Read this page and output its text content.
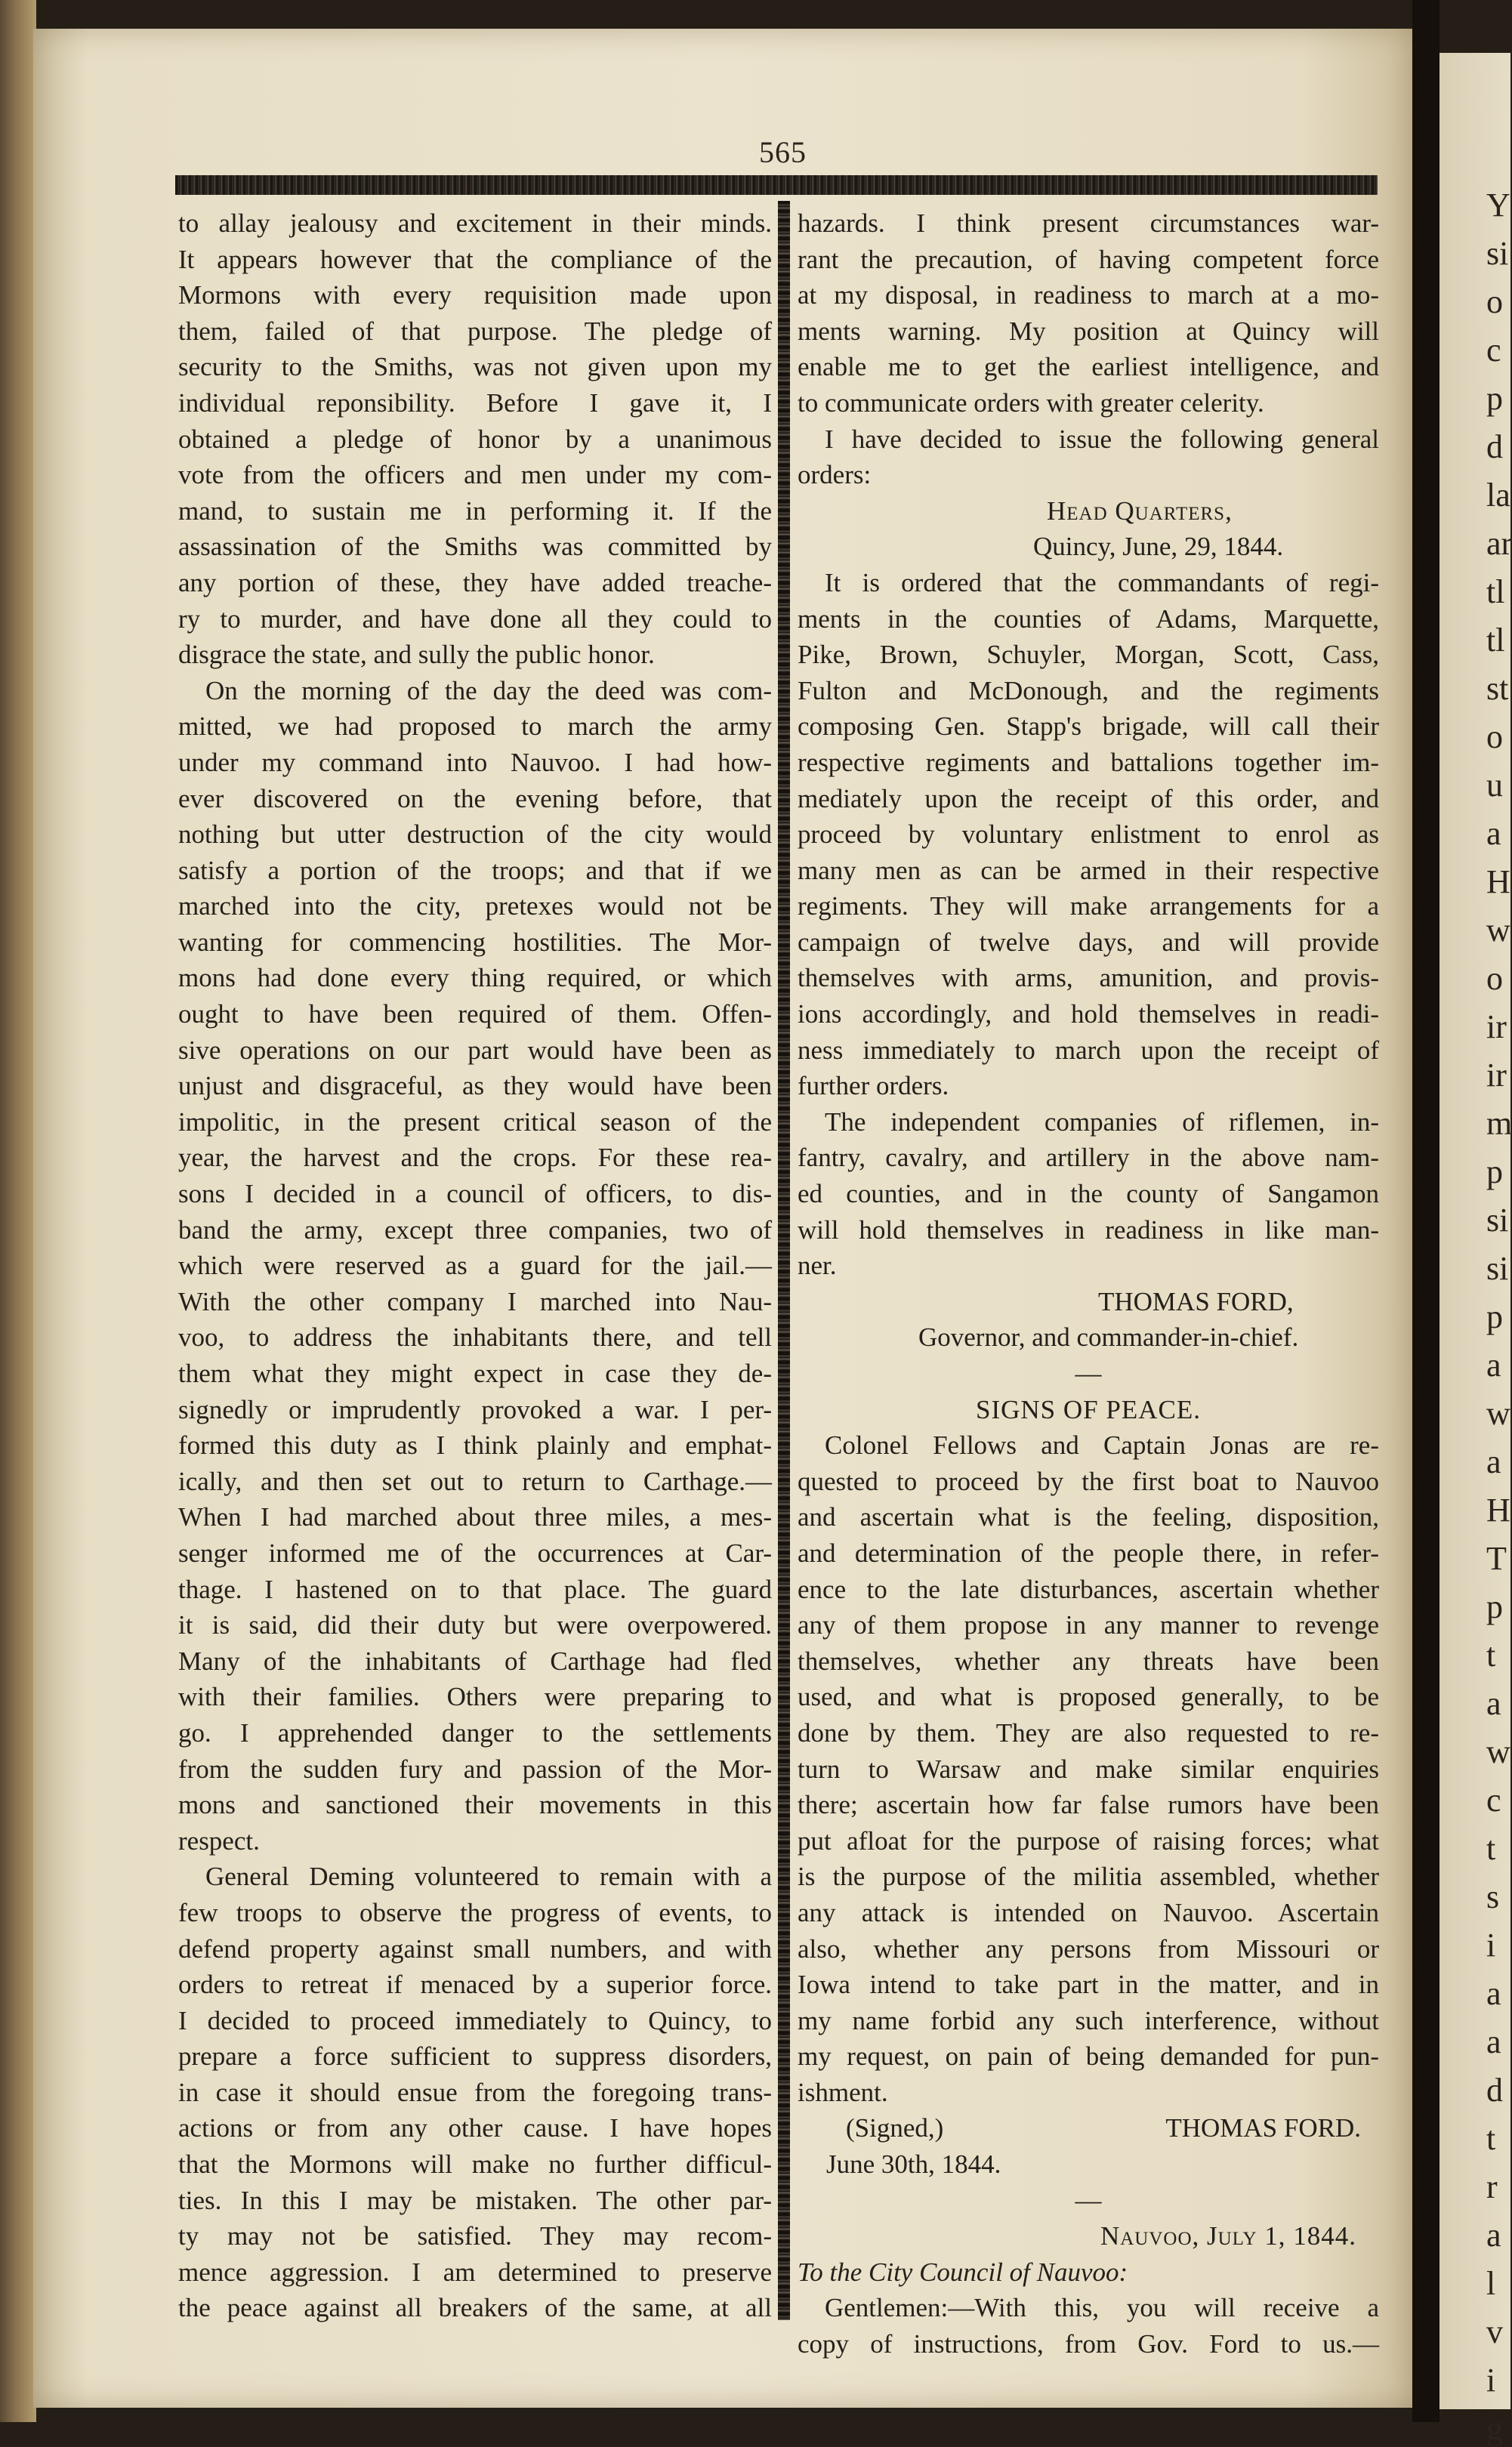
565
to allay jealousy and excitement in their minds.
It appears however that the compliance of the
Mormons with every requisition made upon
them, failed of that purpose. The pledge of
security to the Smiths, was not given upon my
individual reponsibility. Before I gave it, I
obtained a pledge of honor by a unanimous
vote from the officers and men under my com-
mand, to sustain me in performing it. If the
assassination of the Smiths was committed by
any portion of these, they have added treache-
ry to murder, and have done all they could to
disgrace the state, and sully the public honor.
On the morning of the day the deed was com-
mitted, we had proposed to march the army
under my command into Nauvoo. I had how-
ever discovered on the evening before, that
nothing but utter destruction of the city would
satisfy a portion of the troops; and that if we
marched into the city, pretexes would not be
wanting for commencing hostilities. The Mor-
mons had done every thing required, or which
ought to have been required of them. Offen-
sive operations on our part would have been as
unjust and disgraceful, as they would have been
impolitic, in the present critical season of the
year, the harvest and the crops. For these rea-
sons I decided in a council of officers, to dis-
band the army, except three companies, two of
which were reserved as a guard for the jail.—
With the other company I marched into Nau-
voo, to address the inhabitants there, and tell
them what they might expect in case they de-
signedly or imprudently provoked a war. I per-
formed this duty as I think plainly and emphat-
ically, and then set out to return to Carthage.—
When I had marched about three miles, a mes-
senger informed me of the occurrences at Car-
thage. I hastened on to that place. The guard
it is said, did their duty but were overpowered.
Many of the inhabitants of Carthage had fled
with their families. Others were preparing to
go. I apprehended danger to the settlements
from the sudden fury and passion of the Mor-
mons and sanctioned their movements in this
respect.
General Deming volunteered to remain with a
few troops to observe the progress of events, to
defend property against small numbers, and with
orders to retreat if menaced by a superior force.
I decided to proceed immediately to Quincy, to
prepare a force sufficient to suppress disorders,
in case it should ensue from the foregoing trans-
actions or from any other cause. I have hopes
that the Mormons will make no further difficul-
ties. In this I may be mistaken. The other par-
ty may not be satisfied. They may recom-
mence aggression. I am determined to preserve
the peace against all breakers of the same, at all
hazards. I think present circumstances war-
rant the precaution, of having competent force
at my disposal, in readiness to march at a mo-
ments warning. My position at Quincy will
enable me to get the earliest intelligence, and
to communicate orders with greater celerity.
I have decided to issue the following general
orders:
Head Quarters,
Quincy, June, 29, 1844.
It is ordered that the commandants of regi-
ments in the counties of Adams, Marquette,
Pike, Brown, Schuyler, Morgan, Scott, Cass,
Fulton and McDonough, and the regiments
composing Gen. Stapp's brigade, will call their
respective regiments and battalions together im-
mediately upon the receipt of this order, and
proceed by voluntary enlistment to enrol as
many men as can be armed in their respective
regiments. They will make arrangements for a
campaign of twelve days, and will provide
themselves with arms, amunition, and provis-
ions accordingly, and hold themselves in readi-
ness immediately to march upon the receipt of
further orders.
The independent companies of riflemen, in-
fantry, cavalry, and artillery in the above nam-
ed counties, and in the county of Sangamon
will hold themselves in readiness in like man-
ner.
THOMAS FORD,
Governor, and commander-in-chief.
—
SIGNS OF PEACE.
Colonel Fellows and Captain Jonas are re-
quested to proceed by the first boat to Nauvoo
and ascertain what is the feeling, disposition,
and determination of the people there, in refer-
ence to the late disturbances, ascertain whether
any of them propose in any manner to revenge
themselves, whether any threats have been
used, and what is proposed generally, to be
done by them. They are also requested to re-
turn to Warsaw and make similar enquiries
there; ascertain how far false rumors have been
put afloat for the purpose of raising forces; what
is the purpose of the militia assembled, whether
any attack is intended on Nauvoo. Ascertain
also, whether any persons from Missouri or
Iowa intend to take part in the matter, and in
my name forbid any such interference, without
my request, on pain of being demanded for pun-
ishment.
(Signed,)	THOMAS FORD.
June 30th, 1844.
—
Nauvoo, July 1, 1844.
To the City Council of Nauvoo:
Gentlemen:—With this, you will receive a
copy of instructions, from Gov. Ford to us.—
Y
si
o
c
p
d
la
ar
tl
tl
st
o
u
a
H
w
o
ir
ir
m
p
si
si
p
a
w
a
H
T
p
t
a
w
c
t
s
i
a
a
d
t
r
a
l
v
i
g
